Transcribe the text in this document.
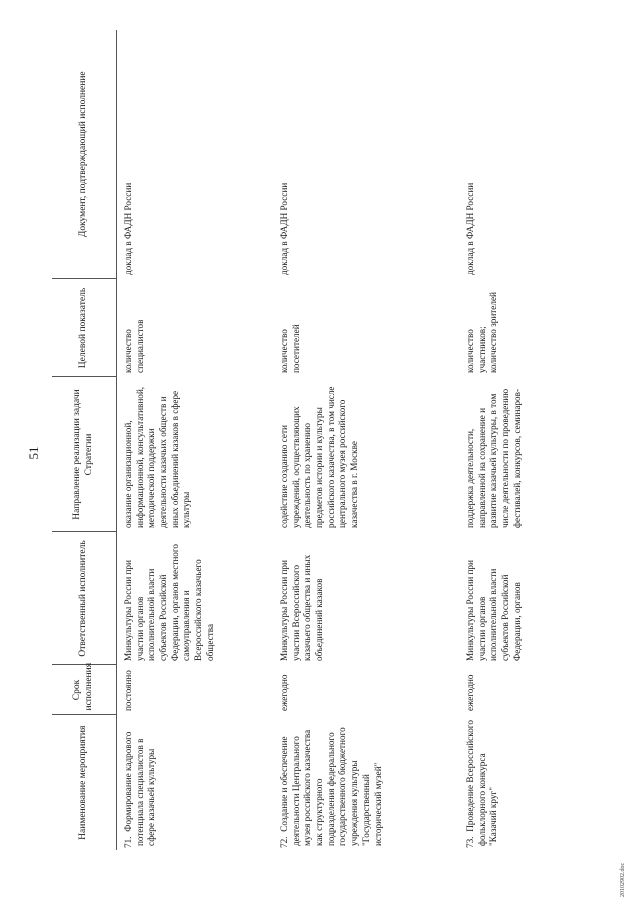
51
Наименование мероприятия	Срок исполнения	Ответственный исполнитель	Направление реализации задачи Стратегии	Целевой показатель	Документ, подтверждающий исполнение
71. Формирование кадрового потенциала специалистов в сфере казачьей культуры	постоянно	Минкультуры России при участии органов исполнительной власти субъектов Российской Федерации, органов местного самоуправления и Всероссийского казачьего общества	оказание организационной, информационной, консультативной, методической поддержки деятельности казачьих обществ и иных объединений казаков в сфере культуры	количество специалистов	доклад в ФАДН России
72. Создание и обеспечение деятельности Центрального музея российского казачества как структурного подразделения федерального государственного бюджетного учреждения культуры "Государственный исторический музей"	ежегодно	Минкультуры России при участии Всероссийского казачьего общества и иных объединений казаков	содействие созданию сети учреждений, осуществляющих деятельность по хранению предметов истории и культуры российского казачества, в том числе центрального музея российского казачества в г. Москве	количество посетителей	доклад в ФАДН России
73. Проведение Всероссийского фольклорного конкурса "Казачий круг"	ежегодно	Минкультуры России при участии органов исполнительной власти субъектов Российской Федерации, органов	поддержка деятельности, направленной на сохранение и развитие казачьей культуры, в том числе деятельности по проведению фестивалей, конкурсов, семинаров-	количество участников; количество зрителей	доклад в ФАДН России
20102902.doc
